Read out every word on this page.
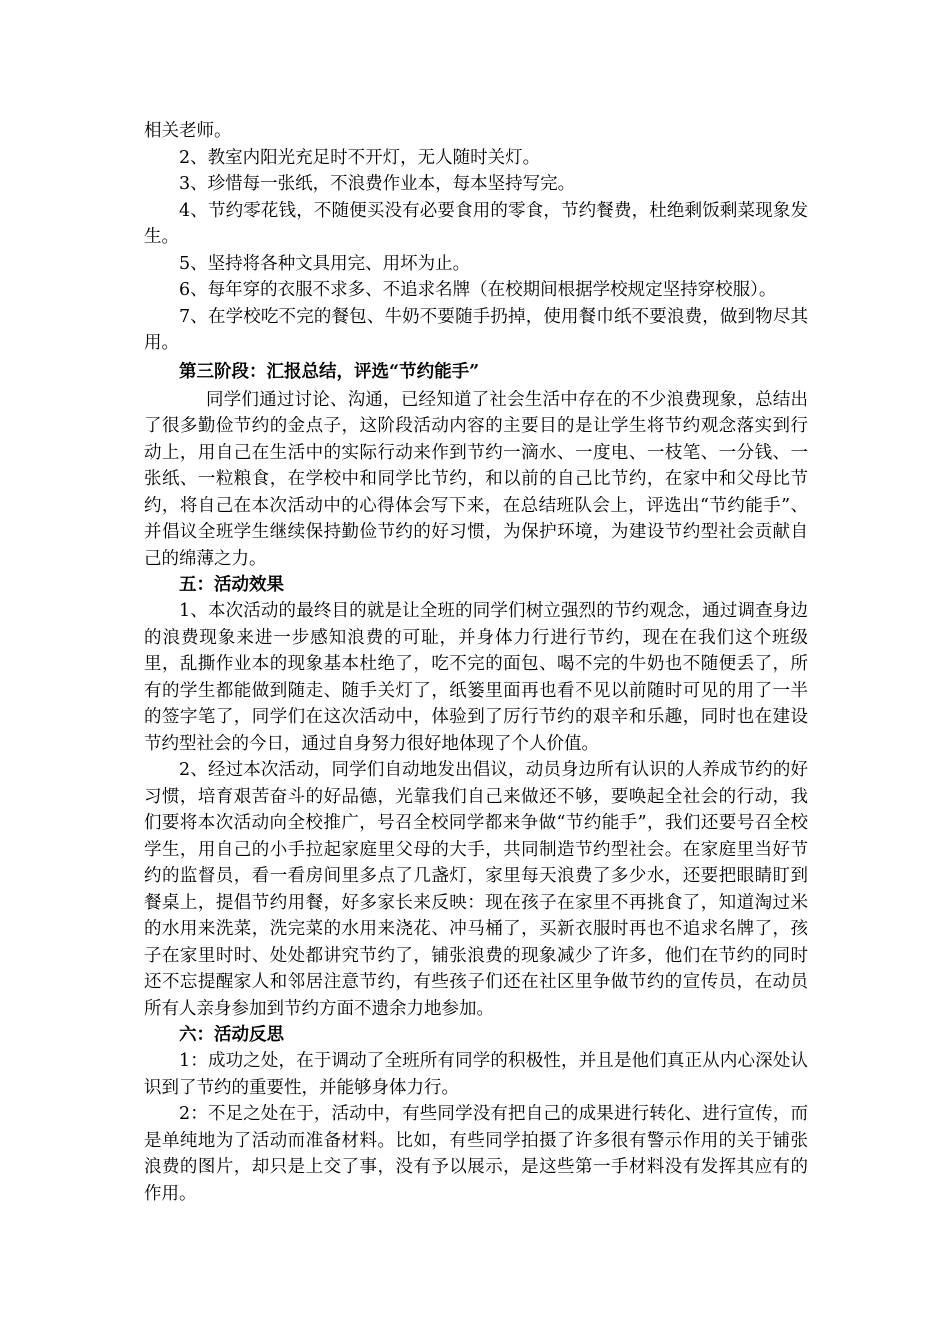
相关老师。

2、教室内阳光充足时不开灯，无人随时关灯。

3、珍惜每一张纸，不浪费作业本，每本坚持写完。

4、节约零花钱，不随便买没有必要食用的零食，节约餐费，杜绝剩饭剩菜现象发生。

5、坚持将各种文具用完、用坏为止。

6、每年穿的衣服不求多、不追求名牌（在校期间根据学校规定坚持穿校服）。

7、在学校吃不完的餐包、牛奶不要随手扔掉，使用餐巾纸不要浪费，做到物尽其用。

第三阶段：汇报总结，评选“节约能手”

同学们通过讨论、沟通，已经知道了社会生活中存在的不少浪费现象，总结出了很多勤俭节约的金点子，这阶段活动内容的主要目的是让学生将节约观念落实到行动上，用自己在生活中的实际行动来作到节约一滴水、一度电、一枝笔、一分钱、一张纸、一粒粮食，在学校中和同学比节约，和以前的自己比节约，在家中和父母比节约，将自己在本次活动中的心得体会写下来，在总结班队会上，评选出“节约能手”、并倡议全班学生继续保持勤俭节约的好习惯，为保护环境，为建设节约型社会贡献自己的绵薄之力。

五：活动效果

1、本次活动的最终目的就是让全班的同学们树立强烈的节约观念，通过调查身边的浪费现象来进一步感知浪费的可耻，并身体力行进行节约，现在在我们这个班级里，乱撕作业本的现象基本杜绝了，吃不完的面包、喝不完的牛奶也不随便丢了，所有的学生都能做到随走、随手关灯了，纸篓里面再也看不见以前随时可见的用了一半的签字笔了，同学们在这次活动中，体验到了厉行节约的艰辛和乐趣，同时也在建设节约型社会的今日，通过自身努力很好地体现了个人价值。

2、经过本次活动，同学们自动地发出倡议，动员身边所有认识的人养成节约的好习惯，培育艰苦奋斗的好品德，光靠我们自己来做还不够，要唤起全社会的行动，我们要将本次活动向全校推广，号召全校同学都来争做“节约能手”，我们还要号召全校学生，用自己的小手拉起家庭里父母的大手，共同制造节约型社会。在家庭里当好节约的监督员，看一看房间里多点了几盏灯，家里每天浪费了多少水，还要把眼睛盯到餐桌上，提倡节约用餐，好多家长来反映：现在孩子在家里不再挑食了，知道淘过米的水用来洗菜，洗完菜的水用来浇花、冲马桶了，买新衣服时再也不追求名牌了，孩子在家里时时、处处都讲究节约了，铺张浪费的现象减少了许多，他们在节约的同时还不忘提醒家人和邻居注意节约，有些孩子们还在社区里争做节约的宣传员，在动员所有人亲身参加到节约方面不遗余力地参加。

六：活动反思

1：成功之处，在于调动了全班所有同学的积极性，并且是他们真正从内心深处认识到了节约的重要性，并能够身体力行。

2：不足之处在于，活动中，有些同学没有把自己的成果进行转化、进行宣传，而是单纯地为了活动而准备材料。比如，有些同学拍摄了许多很有警示作用的关于铺张浪费的图片，却只是上交了事，没有予以展示，是这些第一手材料没有发挥其应有的作用。
